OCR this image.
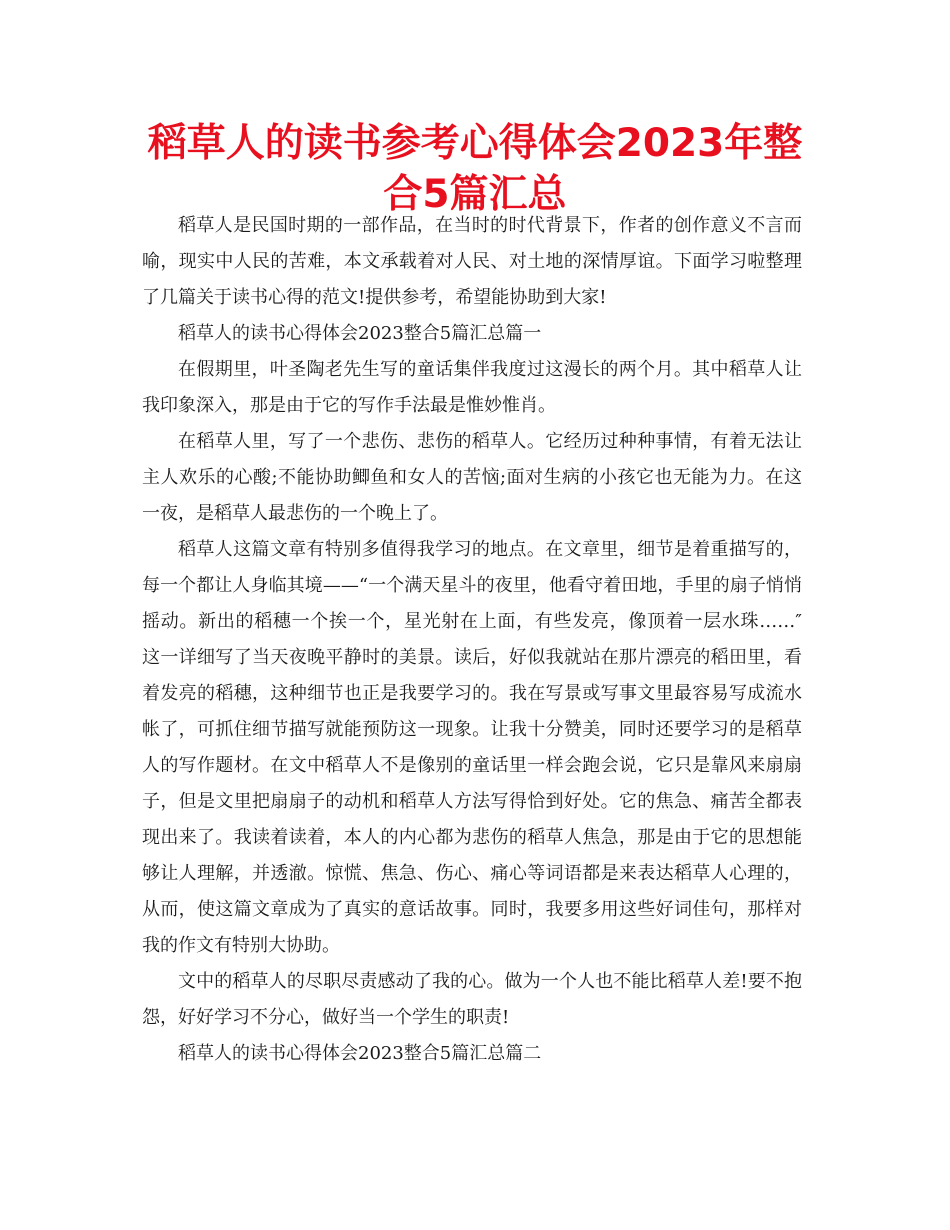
稻草人的读书参考心得体会2023年整合5篇汇总

稻草人是民国时期的一部作品，在当时的时代背景下，作者的创作意义不言而喻，现实中人民的苦难，本文承载着对人民、对土地的深情厚谊。下面学习啦整理了几篇关于读书心得的范文!提供参考，希望能协助到大家!

稻草人的读书心得体会2023整合5篇汇总篇一

在假期里，叶圣陶老先生写的童话集伴我度过这漫长的两个月。其中稻草人让我印象深入，那是由于它的写作手法最是惟妙惟肖。

在稻草人里，写了一个悲伤、悲伤的稻草人。它经历过种种事情，有着无法让主人欢乐的心酸;不能协助鲫鱼和女人的苦恼;面对生病的小孩它也无能为力。在这一夜，是稻草人最悲伤的一个晚上了。

稻草人这篇文章有特别多值得我学习的地点。在文章里，细节是着重描写的，每一个都让人身临其境——“一个满天星斗的夜里，他看守着田地，手里的扇子悄悄摇动。新出的稻穗一个挨一个，星光射在上面，有些发亮，像顶着一层水珠……″ 这一详细写了当天夜晚平静时的美景。读后，好似我就站在那片漂亮的稻田里，看着发亮的稻穗，这种细节也正是我要学习的。我在写景或写事文里最容易写成流水帐了，可抓住细节描写就能预防这一现象。让我十分赞美，同时还要学习的是稻草人的写作题材。在文中稻草人不是像别的童话里一样会跑会说，它只是靠风来扇扇子，但是文里把扇扇子的动机和稻草人方法写得恰到好处。它的焦急、痛苦全都表现出来了。我读着读着，本人的内心都为悲伤的稻草人焦急，那是由于它的思想能够让人理解，并透澈。惊慌、焦急、伤心、痛心等词语都是来表达稻草人心理的，从而，使这篇文章成为了真实的意话故事。同时，我要多用这些好词佳句，那样对我的作文有特别大协助。

文中的稻草人的尽职尽责感动了我的心。做为一个人也不能比稻草人差!要不抱怨，好好学习不分心，做好当一个学生的职责!

稻草人的读书心得体会2023整合5篇汇总篇二
